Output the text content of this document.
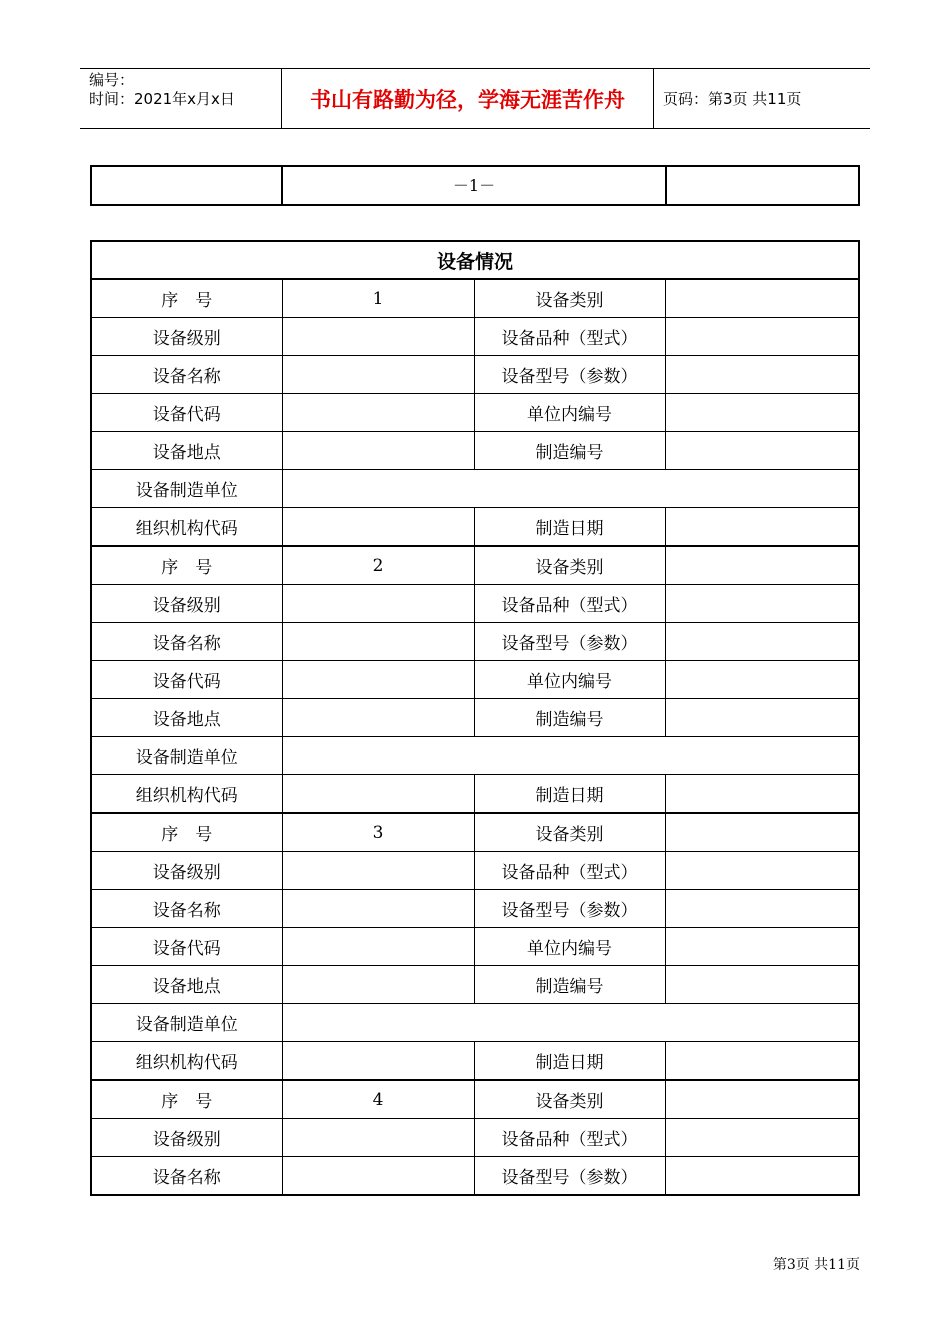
编号：
时间：2021年x月x日	书山有路勤为径，学海无涯苦作舟	页码：第3页 共11页
	－1－	
设备情况			
序　号	1	设备类别	
设备级别		设备品种（型式）	
设备名称		设备型号（参数）	
设备代码		单位内编号	
设备地点		制造编号	
设备制造单位			
组织机构代码		制造日期	
序　号	2	设备类别	
设备级别		设备品种（型式）	
设备名称		设备型号（参数）	
设备代码		单位内编号	
设备地点		制造编号	
设备制造单位			
组织机构代码		制造日期	
序　号	3	设备类别	
设备级别		设备品种（型式）	
设备名称		设备型号（参数）	
设备代码		单位内编号	
设备地点		制造编号	
设备制造单位			
组织机构代码		制造日期	
序　号	4	设备类别	
设备级别		设备品种（型式）	
设备名称		设备型号（参数）	
第3页 共11页
